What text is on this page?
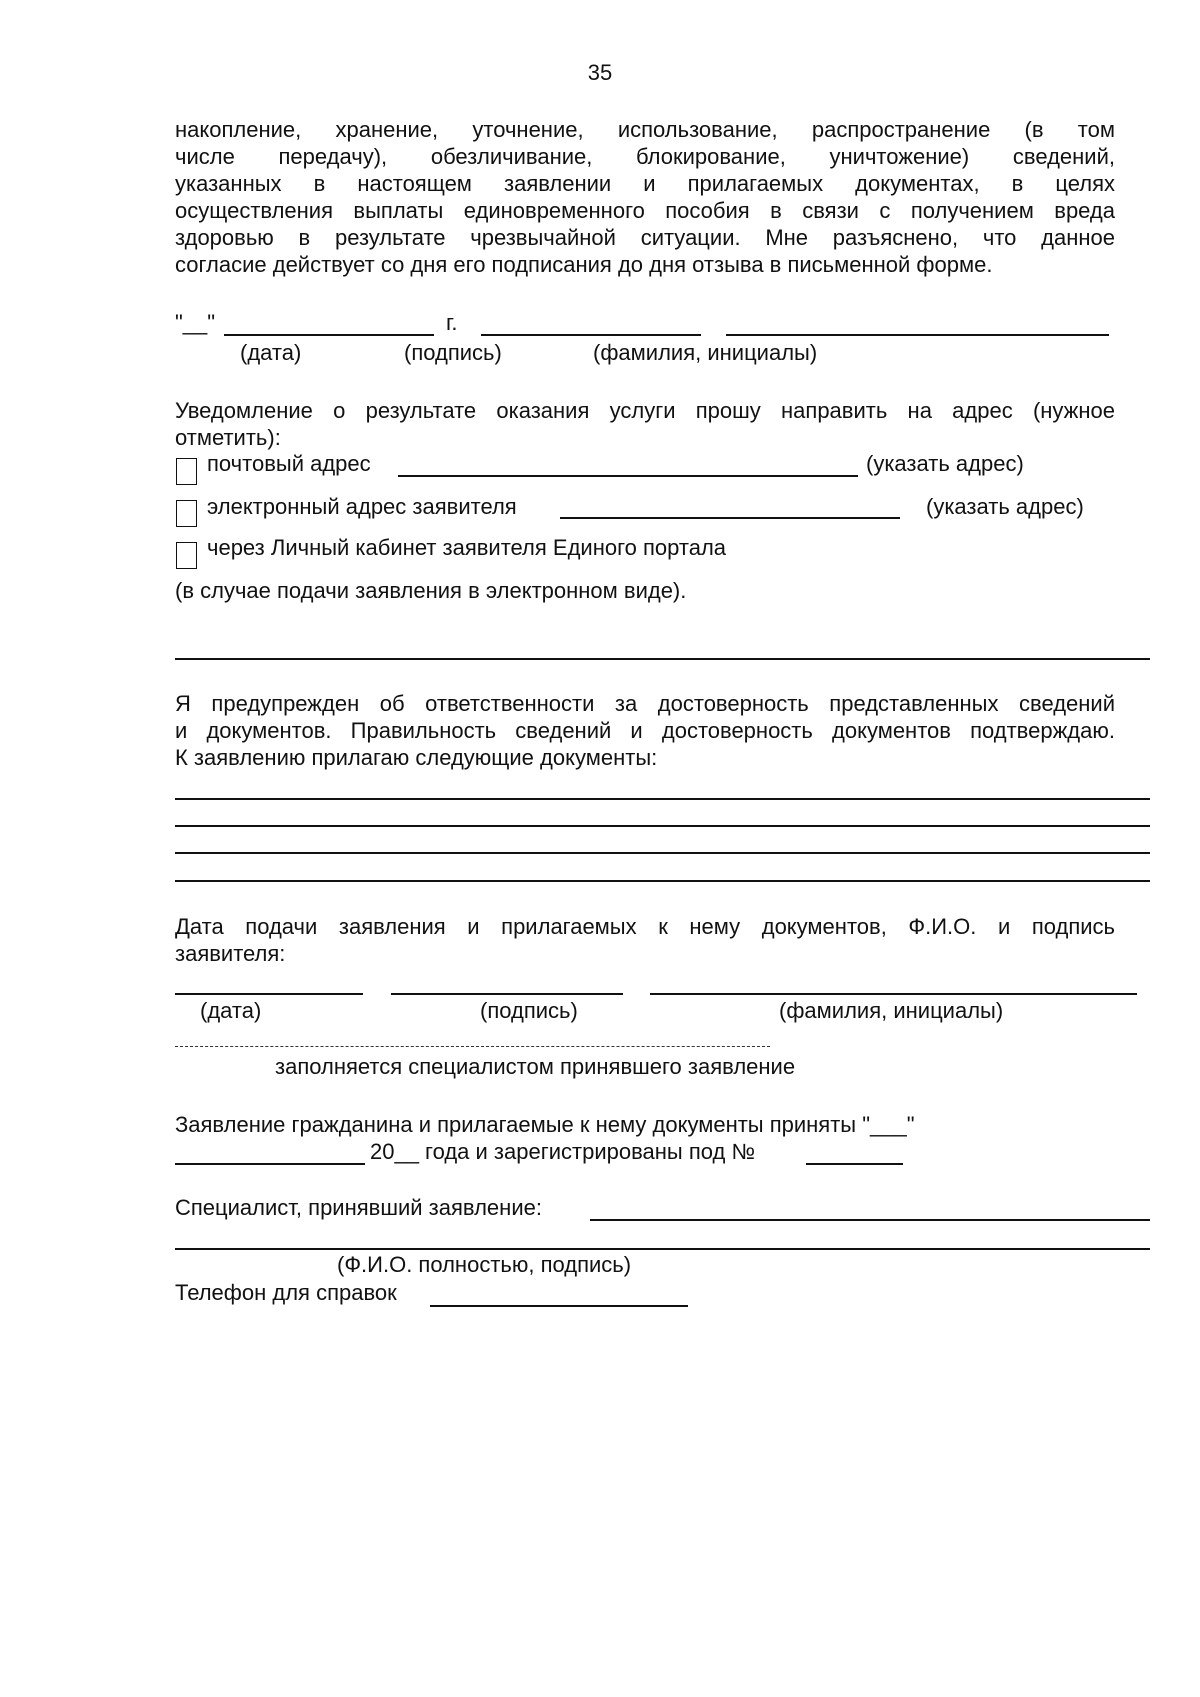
35
накопление, хранение, уточнение, использование, распространение (в том
числе передачу), обезличивание, блокирование, уничтожение) сведений,
указанных в настоящем заявлении и прилагаемых документах, в целях
осуществления выплаты единовременного пособия в связи с получением вреда
здоровью в результате чрезвычайной ситуации. Мне разъяснено, что данное
согласие действует со дня его подписания до дня отзыва в письменной форме.
"__"	г.
(дата)	(подпись)	(фамилия, инициалы)
Уведомление о результате оказания услуги прошу направить на адрес (нужное
отметить):
почтовый адрес	(указать адрес)
электронный адрес заявителя	(указать адрес)
через Личный кабинет заявителя Единого портала
(в случае подачи заявления в электронном виде).
Я предупрежден об ответственности за достоверность представленных сведений
и документов. Правильность сведений и достоверность документов подтверждаю.
К заявлению прилагаю следующие документы:
Дата подачи заявления и прилагаемых к нему документов, Ф.И.О. и подпись
заявителя:
(дата)	(подпись)	(фамилия, инициалы)
заполняется специалистом принявшего заявление
Заявление гражданина и прилагаемые к нему документы приняты "___"
20__ года и зарегистрированы под №
Специалист, принявший заявление:
(Ф.И.О. полностью, подпись)
Телефон для справок
